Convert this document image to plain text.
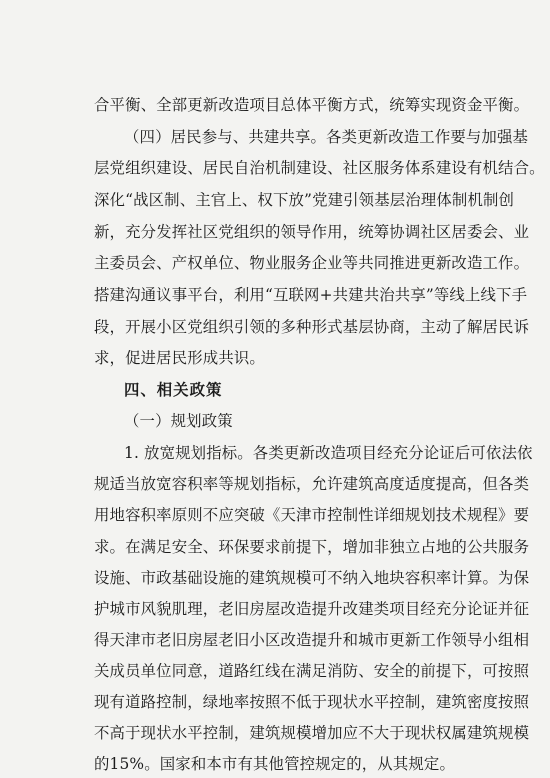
合平衡、全部更新改造项目总体平衡方式，统筹实现资金平衡。
（四）居民参与、共建共享。各类更新改造工作要与加强基
层党组织建设、居民自治机制建设、社区服务体系建设有机结合。
深化“战区制、主官上、权下放”党建引领基层治理体制机制创
新，充分发挥社区党组织的领导作用，统筹协调社区居委会、业
主委员会、产权单位、物业服务企业等共同推进更新改造工作。
搭建沟通议事平台，利用“互联网+共建共治共享”等线上线下手
段，开展小区党组织引领的多种形式基层协商，主动了解居民诉
求，促进居民形成共识。
四、相关政策
（一）规划政策
1. 放宽规划指标。各类更新改造项目经充分论证后可依法依
规适当放宽容积率等规划指标，允许建筑高度适度提高，但各类
用地容积率原则不应突破《天津市控制性详细规划技术规程》要
求。在满足安全、环保要求前提下，增加非独立占地的公共服务
设施、市政基础设施的建筑规模可不纳入地块容积率计算。为保
护城市风貌肌理，老旧房屋改造提升改建类项目经充分论证并征
得天津市老旧房屋老旧小区改造提升和城市更新工作领导小组相
关成员单位同意，道路红线在满足消防、安全的前提下，可按照
现有道路控制，绿地率按照不低于现状水平控制，建筑密度按照
不高于现状水平控制，建筑规模增加应不大于现状权属建筑规模
的15%。国家和本市有其他管控规定的，从其规定。
